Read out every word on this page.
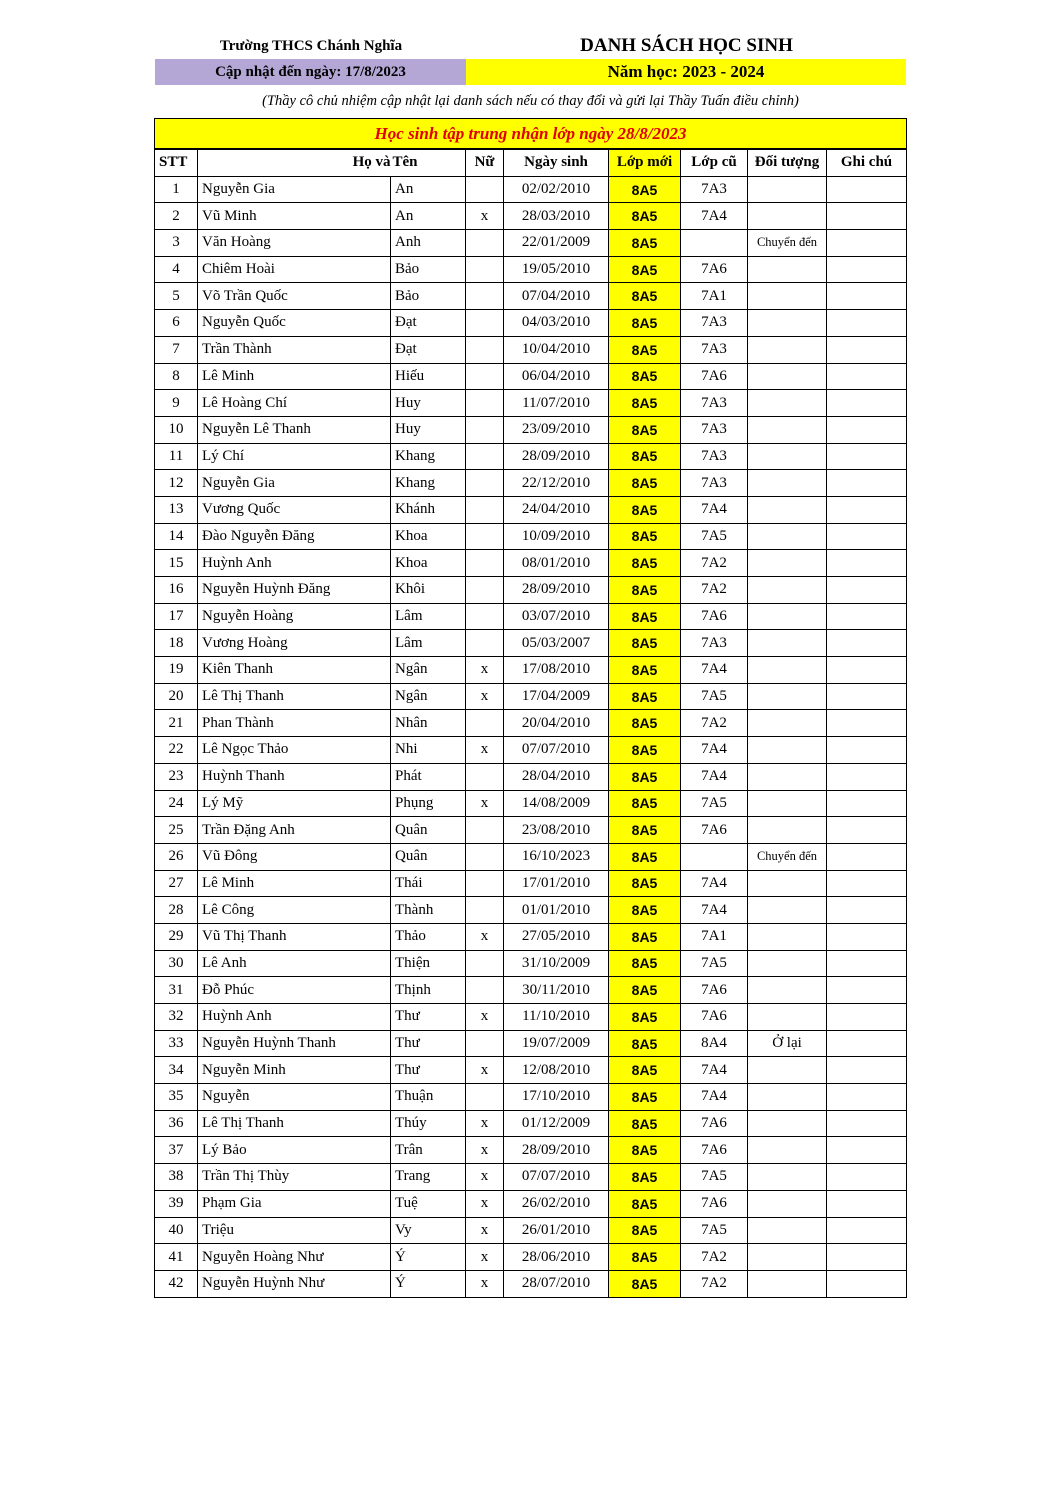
Trường THCS Chánh Nghĩa	DANH SÁCH HỌC SINH
Cập nhật đến ngày: 17/8/2023	Năm học: 2023 - 2024
(Thầy cô chủ nhiệm cập nhật lại danh sách nếu có thay đổi và gửi lại Thầy Tuấn điều chỉnh)
Học sinh tập trung nhận lớp ngày 28/8/2023								
STT	Họ và	Tên	Nữ	Ngày sinh	Lớp mới	Lớp cũ	Đối tượng	Ghi chú
1	Nguyễn Gia	An		02/02/2010	8A5	7A3		
2	Vũ Minh	An	x	28/03/2010	8A5	7A4		
3	Văn Hoàng	Anh		22/01/2009	8A5		Chuyển đến	
4	Chiêm Hoài	Bảo		19/05/2010	8A5	7A6		
5	Võ Trần Quốc	Bảo		07/04/2010	8A5	7A1		
6	Nguyễn Quốc	Đạt		04/03/2010	8A5	7A3		
7	Trần Thành	Đạt		10/04/2010	8A5	7A3		
8	Lê Minh	Hiếu		06/04/2010	8A5	7A6		
9	Lê Hoàng Chí	Huy		11/07/2010	8A5	7A3		
10	Nguyễn Lê Thanh	Huy		23/09/2010	8A5	7A3		
11	Lý Chí	Khang		28/09/2010	8A5	7A3		
12	Nguyễn Gia	Khang		22/12/2010	8A5	7A3		
13	Vương Quốc	Khánh		24/04/2010	8A5	7A4		
14	Đào Nguyễn Đăng	Khoa		10/09/2010	8A5	7A5		
15	Huỳnh Anh	Khoa		08/01/2010	8A5	7A2		
16	Nguyễn Huỳnh Đăng	Khôi		28/09/2010	8A5	7A2		
17	Nguyễn Hoàng	Lâm		03/07/2010	8A5	7A6		
18	Vương Hoàng	Lâm		05/03/2007	8A5	7A3		
19	Kiên Thanh	Ngân	x	17/08/2010	8A5	7A4		
20	Lê Thị Thanh	Ngân	x	17/04/2009	8A5	7A5		
21	Phan Thành	Nhân		20/04/2010	8A5	7A2		
22	Lê Ngọc Thảo	Nhi	x	07/07/2010	8A5	7A4		
23	Huỳnh Thanh	Phát		28/04/2010	8A5	7A4		
24	Lý Mỹ	Phụng	x	14/08/2009	8A5	7A5		
25	Trần Đặng Anh	Quân		23/08/2010	8A5	7A6		
26	Vũ Đông	Quân		16/10/2023	8A5		Chuyển đến	
27	Lê Minh	Thái		17/01/2010	8A5	7A4		
28	Lê Công	Thành		01/01/2010	8A5	7A4		
29	Vũ Thị Thanh	Thảo	x	27/05/2010	8A5	7A1		
30	Lê Anh	Thiện		31/10/2009	8A5	7A5		
31	Đỗ Phúc	Thịnh		30/11/2010	8A5	7A6		
32	Huỳnh Anh	Thư	x	11/10/2010	8A5	7A6		
33	Nguyễn Huỳnh Thanh	Thư		19/07/2009	8A5	8A4	Ở lại	
34	Nguyễn Minh	Thư	x	12/08/2010	8A5	7A4		
35	Nguyễn	Thuận		17/10/2010	8A5	7A4		
36	Lê Thị Thanh	Thúy	x	01/12/2009	8A5	7A6		
37	Lý Bảo	Trân	x	28/09/2010	8A5	7A6		
38	Trần Thị Thùy	Trang	x	07/07/2010	8A5	7A5		
39	Phạm Gia	Tuệ	x	26/02/2010	8A5	7A6		
40	Triệu	Vy	x	26/01/2010	8A5	7A5		
41	Nguyễn Hoàng Như	Ý	x	28/06/2010	8A5	7A2		
42	Nguyễn Huỳnh Như	Ý	x	28/07/2010	8A5	7A2		
